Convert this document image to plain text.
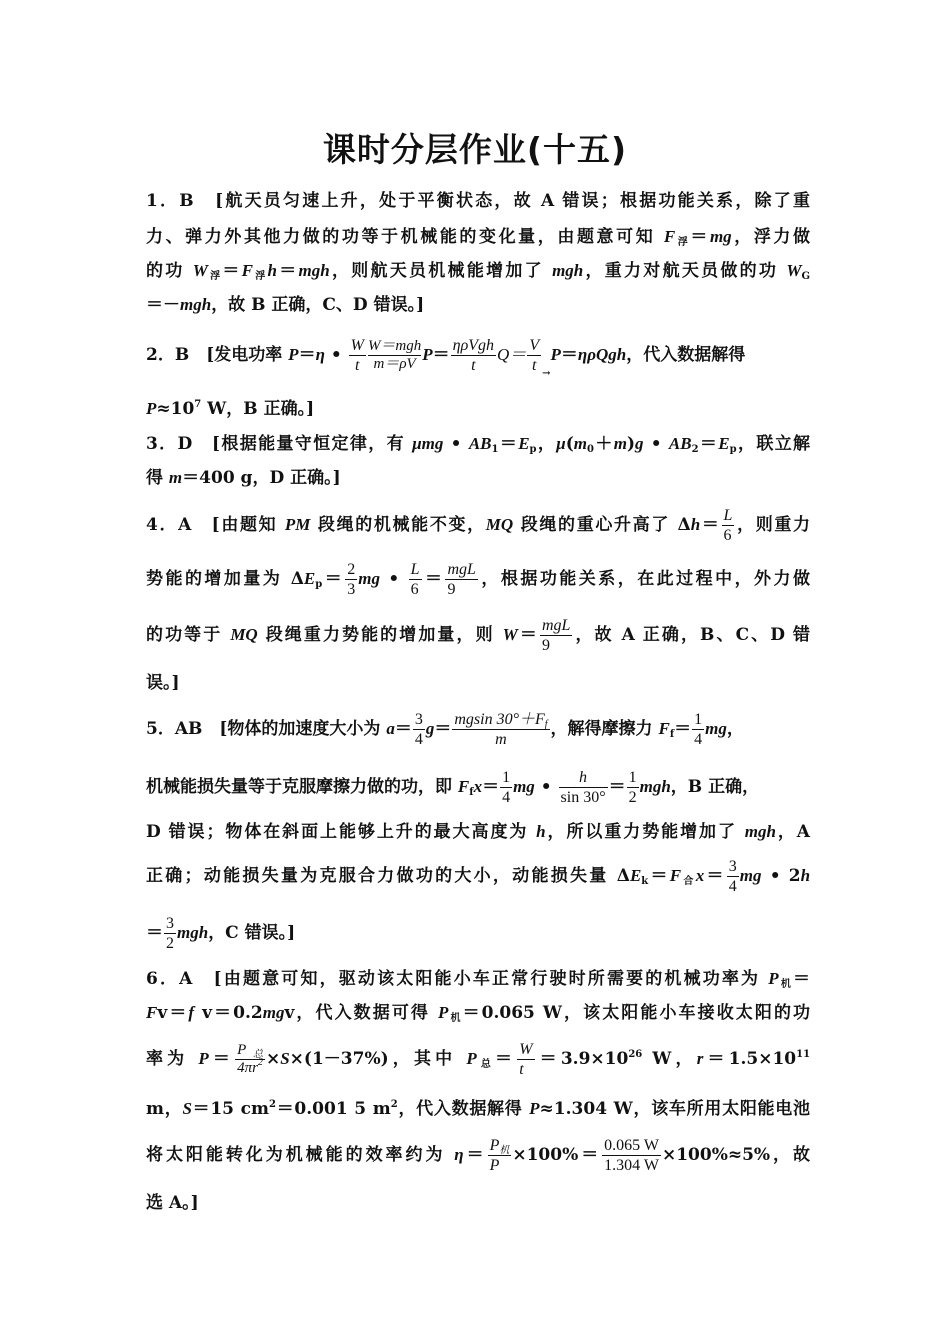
课时分层作业(十五)
1．B　[航天员匀速上升，处于平衡状态，故 A 错误；根据功能关系，除了重
力、弹力外其他力做的功等于机械能的变化量，由题意可知 $F_浮=mg$，浮力做
的功 $W_浮=F_浮h=mgh$，则航天员机械能增加了 mgh，重力对航天员做的功 $W_G$
＝－mgh，故 B 正确，C、D 错误。]
2．B　[发电功率 P＝η • $\frac{W}{t} W=mgh$
m＝ρV $P= \frac{\text{ηρVgh}}{t} Q= \frac{V}{t} \to P=\eta\rho Qgh$，代入数据解得
$P\approx 10^7$ W，B 正确。]
3．D　[根据能量守恒定律，有 μmg • $AB_1=E_p$，$\mu(m_0+m)g$ • $AB_2=E_p$，联立解
得 m＝400 g，D 正确。]
4．A　[由题知 PM 段绳的机械能不变，MQ 段绳的重心升高了 $\Delta h= \frac{L}{6}$ ，则重力
势能的增加量为 $\Delta E_p= \frac{2}{3}$ mg • $\frac{L}{6} = \frac{\text{mgL}}{9}$ ，根据功能关系，在此过程中，外力做
的功等于 MQ 段绳重力势能的增加量，则 $W= \frac{\text{mgL}}{9}$ ，故 A 正确，B、C、D 错
误。]
5．AB　[物体的加速度大小为 $a= \frac{3}{4} g= \frac{mgsin 30^\circ+F_f}{m}$ ，解得摩擦力 $F_f= \frac{1}{4}$ mg，
机械能损失量等于克服摩擦力做的功，即 $F_fx= \frac{1}{4}$ mg • $\frac{h}{\sin 30^\circ} = \frac{1}{2}$ mgh，B 正确，
D 错误；物体在斜面上能够上升的最大高度为 h，所以重力势能增加了 mgh，A
正确；动能损失量为克服合力做功的大小，动能损失量 $\Delta E_k=F_合x= \frac{3}{4}$ mg • 2h
＝ $\frac{3}{2}$ mgh，C 错误。]
6．A　[由题意可知，驱动该太阳能小车正常行驶时所需要的机械功率为 $P_机=$
Fv＝f v＝0.2mgv，代入数据可得 $P_机=0.065$ W，该太阳能小车接收太阳的功
率为 $P= \frac{P_总}{4\pi r^2} \times S\times(1-37\%)$，其中 $P_总= \frac{W}{t} =3.9\times 10^{26}$ W，$r=1.5\times 10^{11}$
m，S＝15 $cm^2=0.001$ 5 $m^2$，代入数据解得 P≈1.304 W，该车所用太阳能电池
将太阳能转化为机械能的效率约为 $\eta= \frac{P_机}{P} \times 100\%= \frac{0.065 W}{1.304 W} \times 100\%\approx 5\%$，故
选 A。]
